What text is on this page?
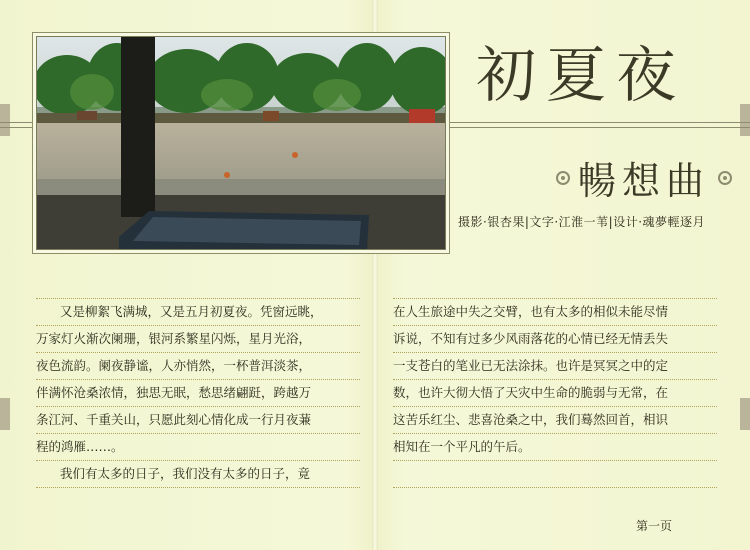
初夏夜
暢想曲
摄影·银杏果|文字·江淮一苇|设计·魂夢輕逐月
又是柳絮飞满城，又是五月初夏夜。凭窗远眺，
万家灯火渐次阑珊，银河系繁星闪烁，星月光浴，
夜色流韵。阑夜静谧，人亦悄然，一杯普洱淡茶，
伴满怀沧桑浓情，独思无眠，愁思绪翩跹，跨越万
条江河、千重关山，只愿此刻心情化成一行月夜蒹
程的鸿雁……。
我们有太多的日子，我们没有太多的日子，竟
在人生旅途中失之交臂，也有太多的相似未能尽情
诉说，不知有过多少风雨落花的心情已经无情丢失
一支苍白的笔业已无法涂抹。也许是冥冥之中的定
数，也许大彻大悟了天灾中生命的脆弱与无常，在
这苦乐红尘、悲喜沧桑之中，我们蓦然回首，相识
相知在一个平凡的午后。
第一页
